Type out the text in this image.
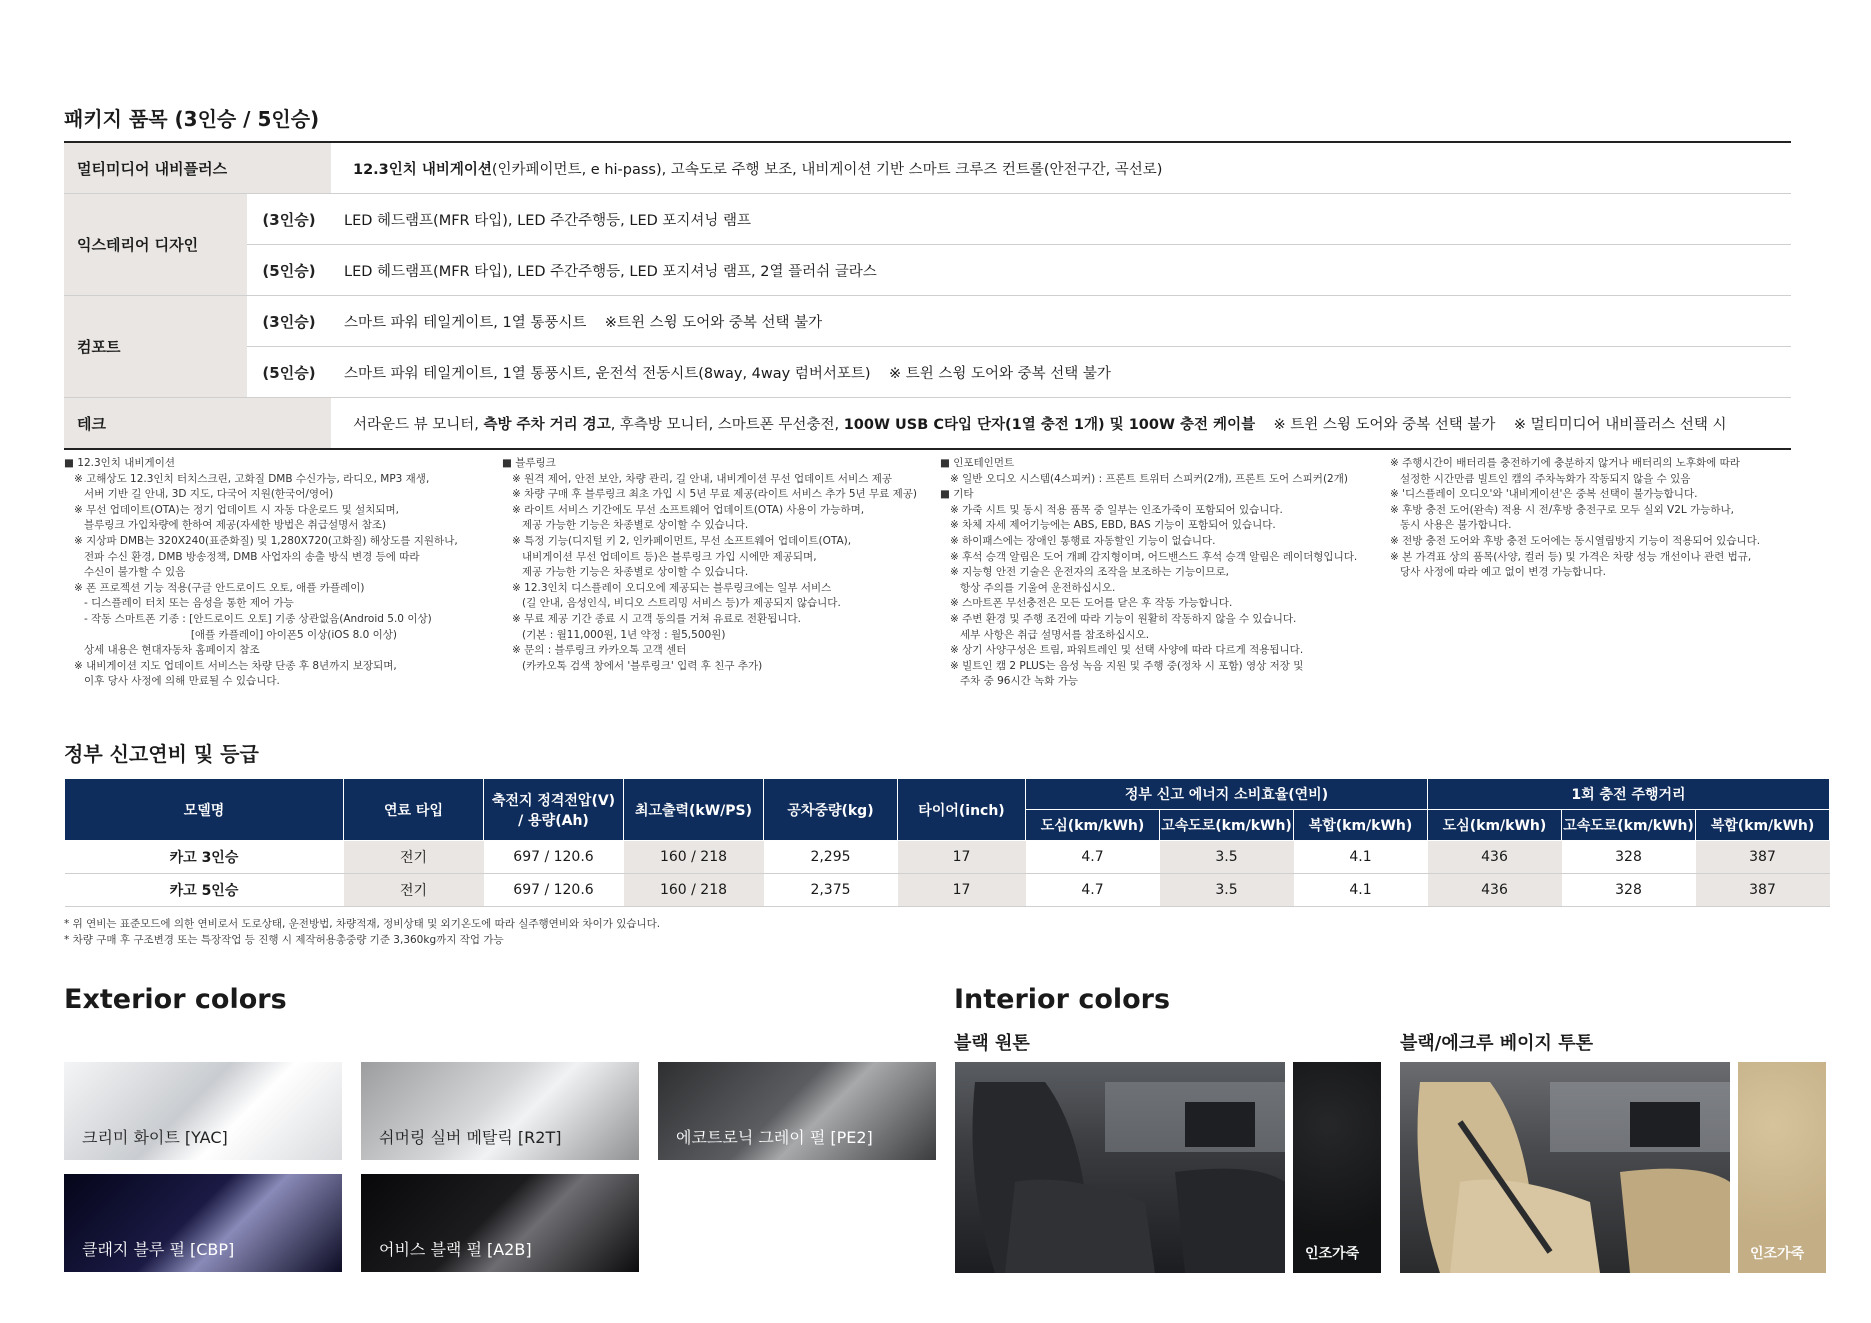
패키지 품목 (3인승 / 5인승)
멀티미디어 내비플러스	12.3인치 내비게이션(인카페이먼트, e hi-pass), 고속도로 주행 보조, 내비게이션 기반 스마트 크루즈 컨트롤(안전구간, 곡선로)
익스테리어 디자인
(3인승)	LED 헤드램프(MFR 타입), LED 주간주행등, LED 포지셔닝 램프
(5인승)	LED 헤드램프(MFR 타입), LED 주간주행등, LED 포지셔닝 램프, 2열 플러쉬 글라스
컴포트
(3인승)	스마트 파워 테일게이트, 1열 통풍시트    ※트윈 스윙 도어와 중복 선택 불가
(5인승)	스마트 파워 테일게이트, 1열 통풍시트, 운전석 전동시트(8way, 4way 럼버서포트)    ※ 트윈 스윙 도어와 중복 선택 불가
테크	서라운드 뷰 모니터, 측방 주차 거리 경고, 후측방 모니터, 스마트폰 무선충전, 100W USB C타입 단자(1열 충전 1개) 및 100W 충전 케이블    ※ 트윈 스윙 도어와 중복 선택 불가    ※ 멀티미디어 내비플러스 선택 시
■ 12.3인치 내비게이션
※ 고해상도 12.3인치 터치스크린, 고화질 DMB 수신가능, 라디오, MP3 재생,
서버 기반 길 안내, 3D 지도, 다국어 지원(한국어/영어)
※ 무선 업데이트(OTA)는 정기 업데이트 시 자동 다운로드 및 설치되며,
블루링크 가입차량에 한하여 제공(자세한 방법은 취급설명서 참조)
※ 지상파 DMB는 320X240(표준화질) 및 1,280X720(고화질) 해상도를 지원하나,
전파 수신 환경, DMB 방송정책, DMB 사업자의 송출 방식 변경 등에 따라
수신이 불가할 수 있음
※ 폰 프로젝션 기능 적용(구글 안드로이드 오토, 애플 카플레이)
- 디스플레이 터치 또는 음성을 통한 제어 가능
- 작동 스마트폰 기종 : [안드로이드 오토] 기종 상관없음(Android 5.0 이상)
[애플 카플레이] 아이폰5 이상(iOS 8.0 이상)
상세 내용은 현대자동차 홈페이지 참조
※ 내비게이션 지도 업데이트 서비스는 차량 단종 후 8년까지 보장되며,
이후 당사 사정에 의해 만료될 수 있습니다.
■ 블루링크
※ 원격 제어, 안전 보안, 차량 관리, 길 안내, 내비게이션 무선 업데이트 서비스 제공
※ 차량 구매 후 블루링크 최초 가입 시 5년 무료 제공(라이트 서비스 추가 5년 무료 제공)
※ 라이트 서비스 기간에도 무선 소프트웨어 업데이트(OTA) 사용이 가능하며,
제공 가능한 기능은 차종별로 상이할 수 있습니다.
※ 특정 기능(디지털 키 2, 인카페이먼트, 무선 소프트웨어 업데이트(OTA),
내비게이션 무선 업데이트 등)은 블루링크 가입 시에만 제공되며,
제공 가능한 기능은 차종별로 상이할 수 있습니다.
※ 12.3인치 디스플레이 오디오에 제공되는 블루링크에는 일부 서비스
(길 안내, 음성인식, 비디오 스트리밍 서비스 등)가 제공되지 않습니다.
※ 무료 제공 기간 종료 시 고객 동의를 거쳐 유료로 전환됩니다.
(기본 : 월11,000원, 1년 약정 : 월5,500원)
※ 문의 : 블루링크 카카오톡 고객 센터
(카카오톡 검색 창에서 '블루링크' 입력 후 친구 추가)
■ 인포테인먼트
※ 일반 오디오 시스템(4스피커) : 프론트 트위터 스피커(2개), 프론트 도어 스피커(2개)
■ 기타
※ 가죽 시트 및 동시 적용 품목 중 일부는 인조가죽이 포함되어 있습니다.
※ 차체 자세 제어기능에는 ABS, EBD, BAS 기능이 포함되어 있습니다.
※ 하이패스에는 장애인 통행료 자동할인 기능이 없습니다.
※ 후석 승객 알림은 도어 개폐 감지형이며, 어드밴스드 후석 승객 알림은 레이더형입니다.
※ 지능형 안전 기술은 운전자의 조작을 보조하는 기능이므로,
항상 주의를 기울여 운전하십시오.
※ 스마트폰 무선충전은 모든 도어를 닫은 후 작동 가능합니다.
※ 주변 환경 및 주행 조건에 따라 기능이 원활히 작동하지 않을 수 있습니다.
세부 사항은 취급 설명서를 참조하십시오.
※ 상기 사양구성은 트림, 파워트레인 및 선택 사양에 따라 다르게 적용됩니다.
※ 빌트인 캠 2 PLUS는 음성 녹음 지원 및 주행 중(정차 시 포함) 영상 저장 및
주차 중 96시간 녹화 가능
※ 주행시간이 배터리를 충전하기에 충분하지 않거나 배터리의 노후화에 따라
설정한 시간만큼 빌트인 캠의 주차녹화가 작동되지 않을 수 있음
※ '디스플레이 오디오'와 '내비게이션'은 중복 선택이 불가능합니다.
※ 후방 충전 도어(완속) 적용 시 전/후방 충전구로 모두 실외 V2L 가능하나,
동시 사용은 불가합니다.
※ 전방 충전 도어와 후방 충전 도어에는 동시열림방지 기능이 적용되어 있습니다.
※ 본 가격표 상의 품목(사양, 컬러 등) 및 가격은 차량 성능 개선이나 관련 법규,
당사 사정에 따라 예고 없이 변경 가능합니다.
정부 신고연비 및 등급
모델명	연료 타입	축전지 정격전압(V)
/ 용량(Ah)	최고출력(kW/PS)	공차중량(kg)	타이어(inch)	정부 신고 에너지 소비효율(연비)			1회 충전 주행거리		
						도심(km/kWh)	고속도로(km/kWh)	복합(km/kWh)	도심(km/kWh)	고속도로(km/kWh)	복합(km/kWh)
카고 3인승	전기	697 / 120.6	160 / 218	2,295	17	4.7	3.5	4.1	436	328	387
카고 5인승	전기	697 / 120.6	160 / 218	2,375	17	4.7	3.5	4.1	436	328	387
* 위 연비는 표준모드에 의한 연비로서 도로상태, 운전방법, 차량적재, 정비상태 및 외기온도에 따라 실주행연비와 차이가 있습니다.
* 차량 구매 후 구조변경 또는 특장작업 등 진행 시 제작허용총중량 기준 3,360kg까지 작업 가능
Exterior colors
크리미 화이트 [YAC]	쉬머링 실버 메탈릭 [R2T]	에코트로닉 그레이 펄 [PE2]
클래지 블루 펄 [CBP]	어비스 블랙 펄 [A2B]
Interior colors
블랙 원톤	블랙/에크루 베이지 투톤
인조가죽	인조가죽
